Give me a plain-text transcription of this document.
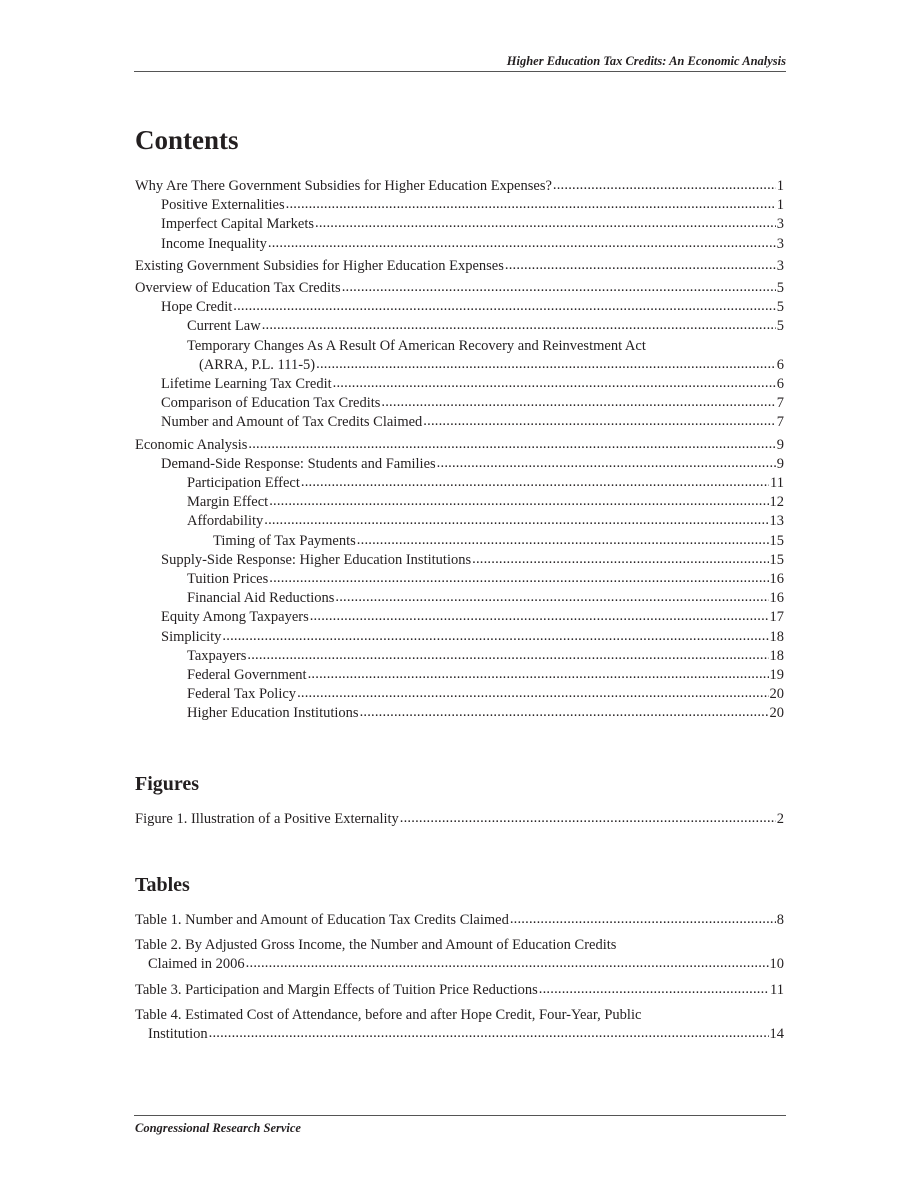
Higher Education Tax Credits: An Economic Analysis
Contents
Why Are There Government Subsidies for Higher Education Expenses? .....	1
Positive Externalities .....	1
Imperfect Capital Markets .....	3
Income Inequality .....	3
Existing Government Subsidies for Higher Education Expenses .....	3
Overview of Education Tax Credits .....	5
Hope Credit .....	5
Current Law .....	5
Temporary Changes As A Result Of American Recovery and Reinvestment Act
(ARRA, P.L. 111-5) .....	6
Lifetime Learning Tax Credit .....	6
Comparison of Education Tax Credits .....	7
Number and Amount of Tax Credits Claimed .....	7
Economic Analysis .....	9
Demand-Side Response: Students and Families .....	9
Participation Effect .....	11
Margin Effect .....	12
Affordability .....	13
Timing of Tax Payments .....	15
Supply-Side Response: Higher Education Institutions .....	15
Tuition Prices .....	16
Financial Aid Reductions .....	16
Equity Among Taxpayers .....	17
Simplicity .....	18
Taxpayers .....	18
Federal Government .....	19
Federal Tax Policy .....	20
Higher Education Institutions .....	20
Figures
Figure 1. Illustration of a Positive Externality .....	2
Tables
Table 1. Number and Amount of Education Tax Credits Claimed .....	8
Table 2. By Adjusted Gross Income, the Number and Amount of Education Credits
Claimed in 2006 .....	10
Table 3. Participation and Margin Effects of Tuition Price Reductions .....	11
Table 4. Estimated Cost of Attendance, before and after Hope Credit, Four-Year, Public
Institution .....	14
Congressional Research Service
